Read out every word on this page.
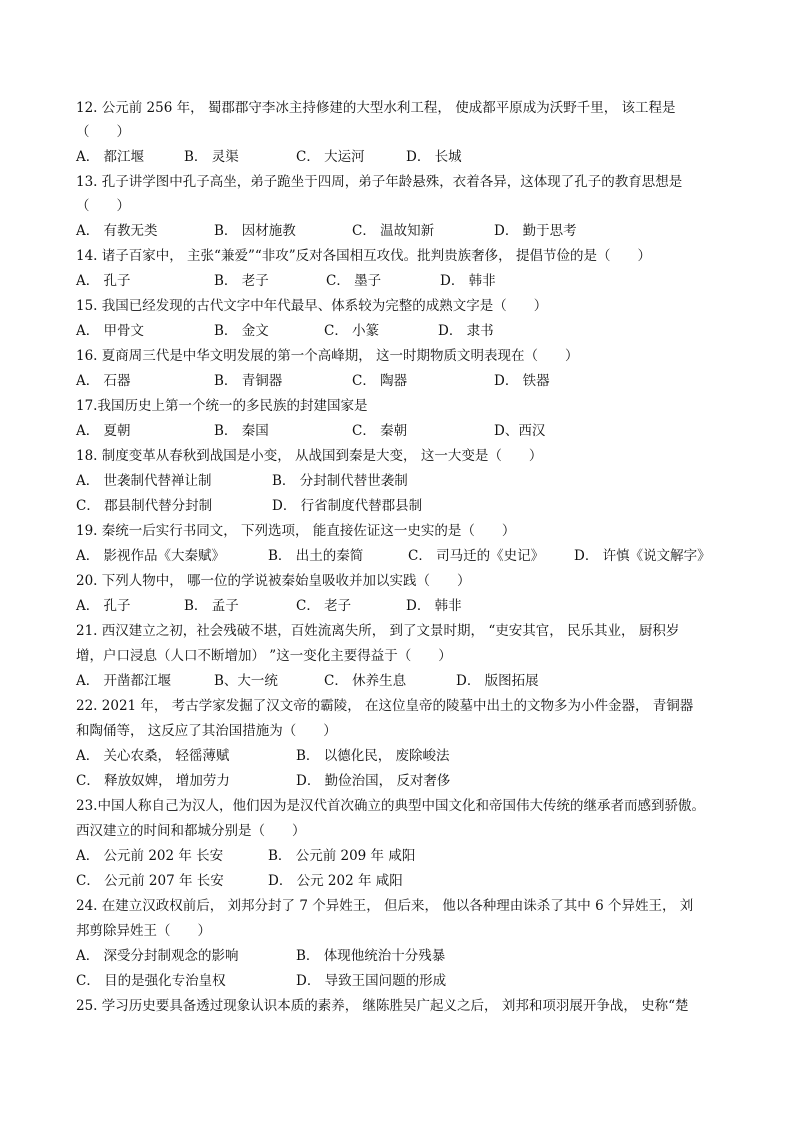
12. 公元前 256 年， 蜀郡郡守李冰主持修建的大型水利工程， 使成都平原成为沃野千里， 该工程是
（　　）
A． 都江堰	B． 灵渠	C． 大运河	D． 长城
13. 孔子讲学图中孔子高坐，弟子跪坐于四周，弟子年龄悬殊，衣着各异，这体现了孔子的教育思想是
（　　）
A． 有教无类	B． 因材施教	C． 温故知新	D． 勤于思考
14. 诸子百家中， 主张“兼爱”“非攻”反对各国相互攻伐。批判贵族奢侈， 提倡节俭的是（　　）
A． 孔子	B． 老子	C． 墨子	D． 韩非
15. 我国已经发现的古代文字中年代最早、体系较为完整的成熟文字是（　　）
A． 甲骨文	B． 金文	C． 小篆	D． 隶书
16. 夏商周三代是中华文明发展的第一个高峰期， 这一时期物质文明表现在（　　）
A． 石器	B． 青铜器	C． 陶器	D． 铁器
17.我国历史上第一个统一的多民族的封建国家是
A． 夏朝	B． 秦国	C． 秦朝	D、西汉
18. 制度变革从春秋到战国是小变， 从战国到秦是大变， 这一大变是（　　）
A． 世袭制代替禅让制	B． 分封制代替世袭制
C． 郡县制代替分封制	D． 行省制度代替郡县制
19. 秦统一后实行书同文， 下列选项， 能直接佐证这一史实的是（　　）
A． 影视作品《大秦赋》	B． 出土的秦简	C． 司马迁的《史记》 D． 许慎《说文解字》
20. 下列人物中， 哪一位的学说被秦始皇吸收并加以实践（　　）
A． 孔子	B． 孟子	C． 老子	D． 韩非
21. 西汉建立之初，社会残破不堪，百姓流离失所， 到了文景时期， “吏安其官， 民乐其业， 厨积岁
增，户口浸息（人口不断增加） ”这一变化主要得益于（　　）
A． 开凿都江堰	B、大一统	C． 休养生息	D． 版图拓展
22. 2021 年， 考古学家发掘了汉文帝的霸陵， 在这位皇帝的陵墓中出土的文物多为小件金器， 青铜器
和陶俑等， 这反应了其治国措施为（　　）
A． 关心农桑， 轻徭薄赋	B． 以德化民， 废除峻法
C． 释放奴婢， 增加劳力	D． 勤俭治国， 反对奢侈
23.中国人称自己为汉人，他们因为是汉代首次确立的典型中国文化和帝国伟大传统的继承者而感到骄傲。
西汉建立的时间和都城分别是（　　）
A． 公元前 202 年 长安	B． 公元前 209 年 咸阳
C． 公元前 207 年 长安	D． 公元 202 年 咸阳
24. 在建立汉政权前后， 刘邦分封了 7 个异姓王， 但后来， 他以各种理由诛杀了其中 6 个异姓王， 刘
邦剪除异姓王（　　）
A． 深受分封制观念的影响	B． 体现他统治十分残暴
C． 目的是强化专治皇权	D． 导致王国问题的形成
25. 学习历史要具备透过现象认识本质的素养， 继陈胜吴广起义之后， 刘邦和项羽展开争战， 史称“楚
